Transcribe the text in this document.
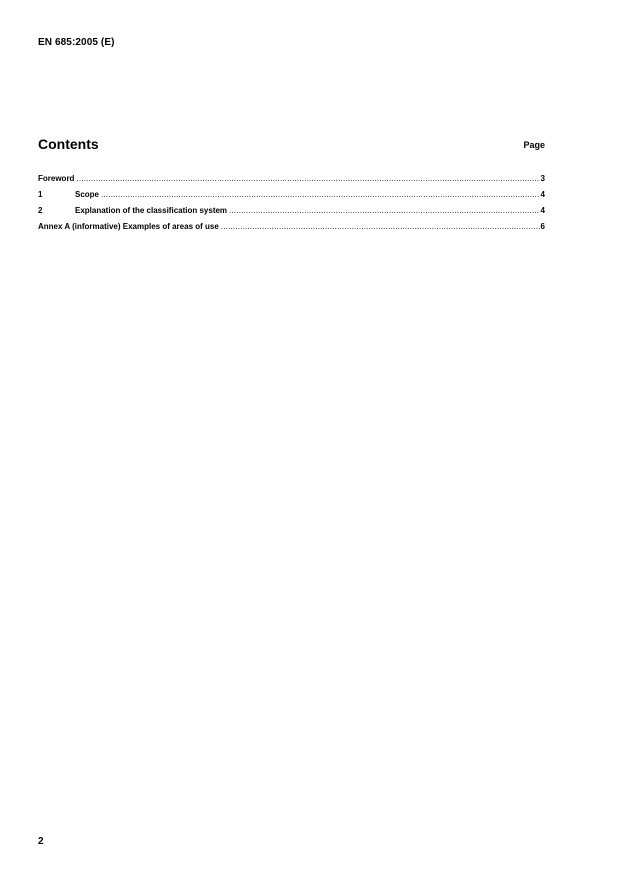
EN 685:2005 (E)
Contents	Page
Foreword .....	3
1	Scope .....	4
2	Explanation of the classification system .....	4
Annex A (informative) Examples of areas of use .....	6
2
